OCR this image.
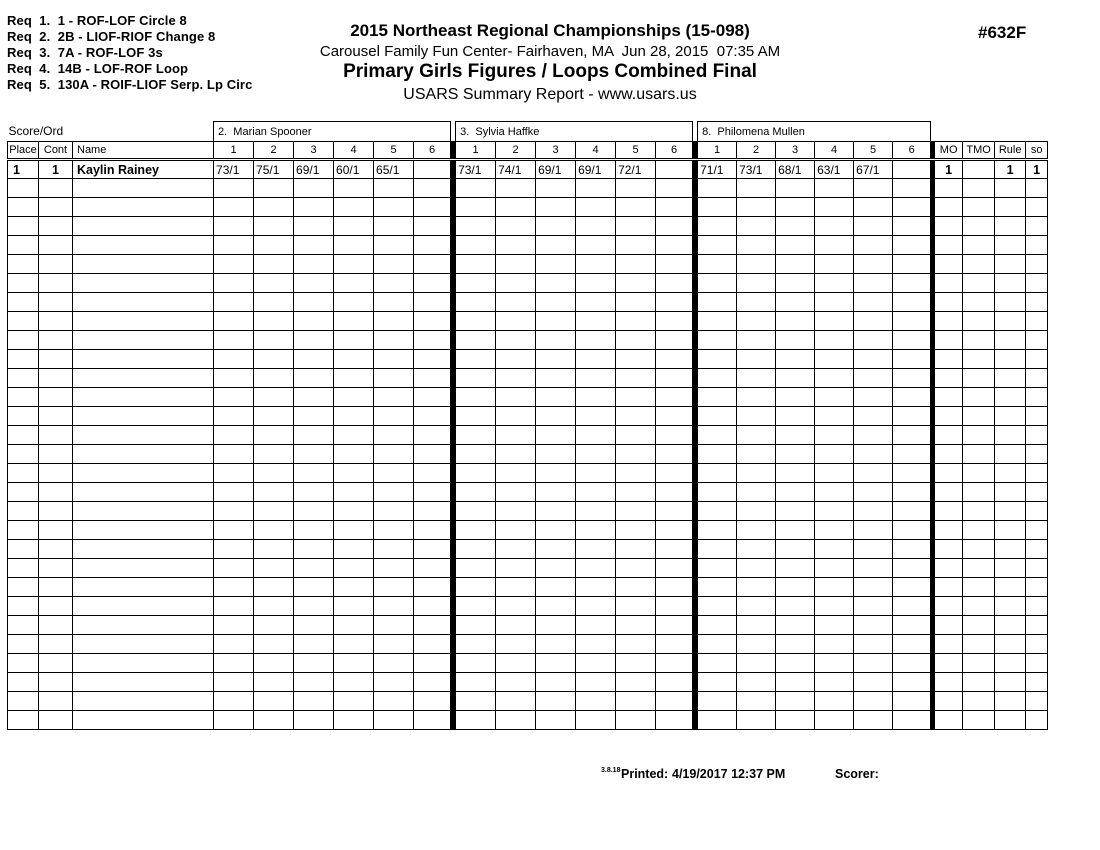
Req  1.  1 - ROF-LOF Circle 8
Req  2.  2B - LIOF-RIOF Change 8
Req  3.  7A - ROF-LOF 3s
Req  4.  14B - LOF-ROF Loop
Req  5.  130A - ROIF-LIOF Serp. Lp Circ
2015 Northeast Regional Championships (15-098)
Carousel Family Fun Center- Fairhaven, MA  Jun 28, 2015  07:35 AM
Primary Girls Figures / Loops Combined Final
USARS Summary Report - www.usars.us
#632F
Score/Ord			2.  Marian Spooner							3.  Sylvia Haffke							8.  Philomena Mullen										
Place	Cont	Name	1	2	3	4	5	6		1	2	3	4	5	6		1	2	3	4	5	6		MO	TMO	Rule	so
1	1	Kaylin Rainey	73/1	75/1	69/1	60/1	65/1			73/1	74/1	69/1	69/1	72/1			71/1	73/1	68/1	63/1	67/1			1		1	1

3.8.18 Printed: 4/19/2017 12:37 PM	Scorer:
